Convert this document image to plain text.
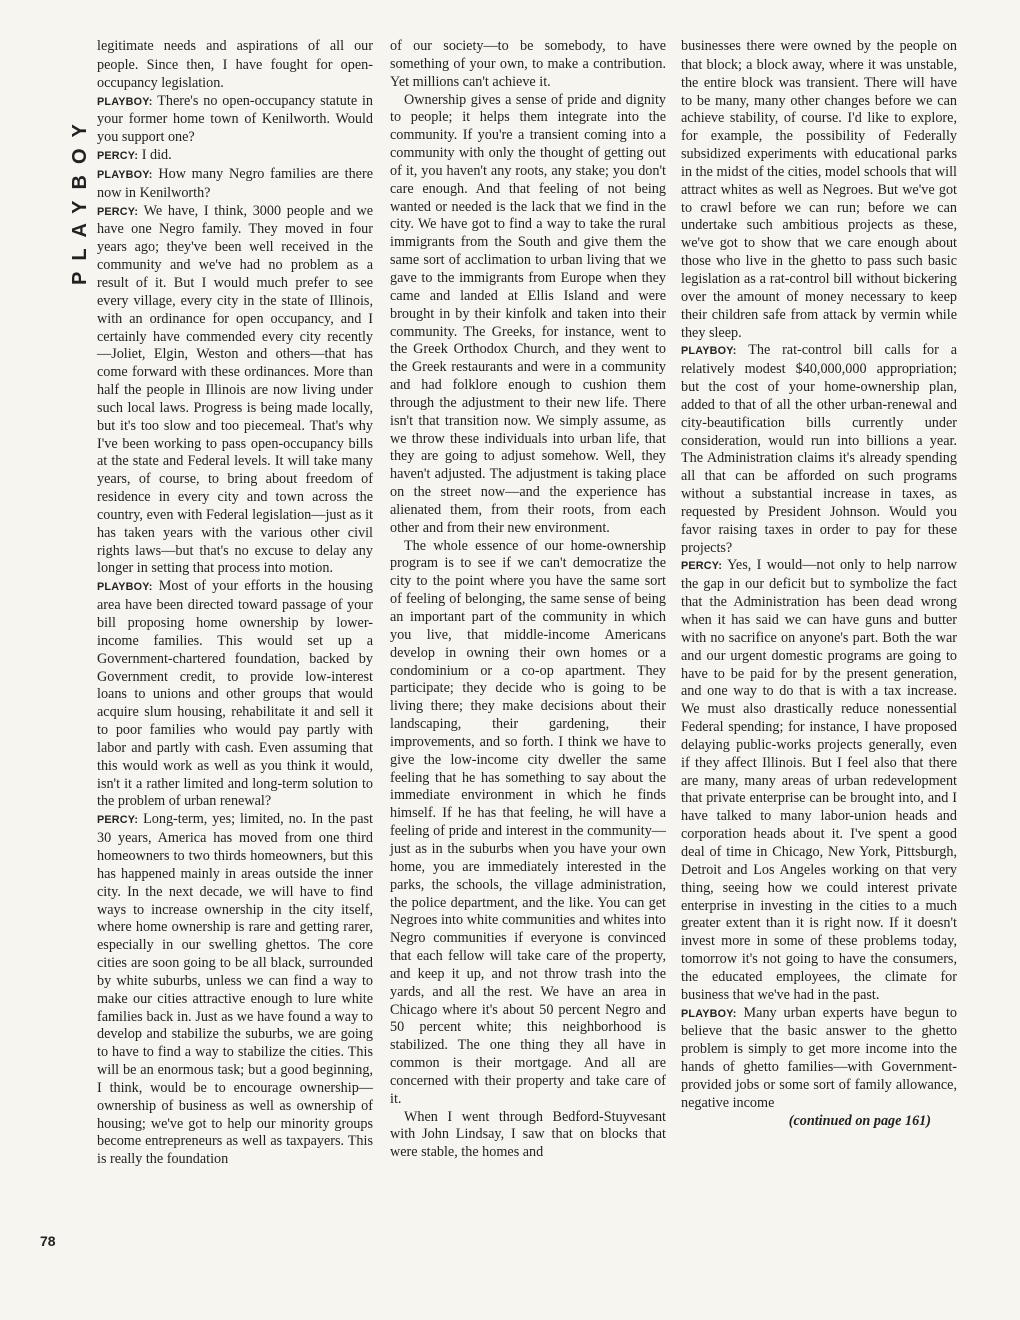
PLAYBOY
78

legitimate needs and aspirations of all our people. Since then, I have fought for open-occupancy legislation.

PLAYBOY: There's no open-occupancy statute in your former home town of Kenilworth. Would you support one?

PERCY: I did.

PLAYBOY: How many Negro families are there now in Kenilworth?

PERCY: We have, I think, 3000 people and we have one Negro family. They moved in four years ago; they've been well received in the community and we've had no problem as a result of it. But I would much prefer to see every village, every city in the state of Illinois, with an ordinance for open occupancy, and I certainly have commended every city recently—Joliet, Elgin, Weston and others—that has come forward with these ordinances. More than half the people in Illinois are now living under such local laws. Progress is being made locally, but it's too slow and too piecemeal. That's why I've been working to pass open-occupancy bills at the state and Federal levels. It will take many years, of course, to bring about freedom of residence in every city and town across the country, even with Federal legislation—just as it has taken years with the various other civil rights laws—but that's no excuse to delay any longer in setting that process into motion.

PLAYBOY: Most of your efforts in the housing area have been directed toward passage of your bill proposing home ownership by lower-income families. This would set up a Government-chartered foundation, backed by Government credit, to provide low-interest loans to unions and other groups that would acquire slum housing, rehabilitate it and sell it to poor families who would pay partly with labor and partly with cash. Even assuming that this would work as well as you think it would, isn't it a rather limited and long-term solution to the problem of urban renewal?

PERCY: Long-term, yes; limited, no. In the past 30 years, America has moved from one third homeowners to two thirds homeowners, but this has happened mainly in areas outside the inner city. In the next decade, we will have to find ways to increase ownership in the city itself, where home ownership is rare and getting rarer, especially in our swelling ghettos. The core cities are soon going to be all black, surrounded by white suburbs, unless we can find a way to make our cities attractive enough to lure white families back in. Just as we have found a way to develop and stabilize the suburbs, we are going to have to find a way to stabilize the cities. This will be an enormous task; but a good beginning, I think, would be to encourage ownership—ownership of business as well as ownership of housing; we've got to help our minority groups become entrepreneurs as well as taxpayers. This is really the foundation

of our society—to be somebody, to have something of your own, to make a contribution. Yet millions can't achieve it.

Ownership gives a sense of pride and dignity to people; it helps them integrate into the community. If you're a transient coming into a community with only the thought of getting out of it, you haven't any roots, any stake; you don't care enough. And that feeling of not being wanted or needed is the lack that we find in the city. We have got to find a way to take the rural immigrants from the South and give them the same sort of acclimation to urban living that we gave to the immigrants from Europe when they came and landed at Ellis Island and were brought in by their kinfolk and taken into their community. The Greeks, for instance, went to the Greek Orthodox Church, and they went to the Greek restaurants and were in a community and had folklore enough to cushion them through the adjustment to their new life. There isn't that transition now. We simply assume, as we throw these individuals into urban life, that they are going to adjust somehow. Well, they haven't adjusted. The adjustment is taking place on the street now—and the experience has alienated them, from their roots, from each other and from their new environment.

The whole essence of our home-ownership program is to see if we can't democratize the city to the point where you have the same sort of feeling of belonging, the same sense of being an important part of the community in which you live, that middle-income Americans develop in owning their own homes or a condominium or a co-op apartment. They participate; they decide who is going to be living there; they make decisions about their landscaping, their gardening, their improvements, and so forth. I think we have to give the low-income city dweller the same feeling that he has something to say about the immediate environment in which he finds himself. If he has that feeling, he will have a feeling of pride and interest in the community—just as in the suburbs when you have your own home, you are immediately interested in the parks, the schools, the village administration, the police department, and the like. You can get Negroes into white communities and whites into Negro communities if everyone is convinced that each fellow will take care of the property, and keep it up, and not throw trash into the yards, and all the rest. We have an area in Chicago where it's about 50 percent Negro and 50 percent white; this neighborhood is stabilized. The one thing they all have in common is their mortgage. And all are concerned with their property and take care of it.

When I went through Bedford-Stuyvesant with John Lindsay, I saw that on blocks that were stable, the homes and

businesses there were owned by the people on that block; a block away, where it was unstable, the entire block was transient. There will have to be many, many other changes before we can achieve stability, of course. I'd like to explore, for example, the possibility of Federally subsidized experiments with educational parks in the midst of the cities, model schools that will attract whites as well as Negroes. But we've got to crawl before we can run; before we can undertake such ambitious projects as these, we've got to show that we care enough about those who live in the ghetto to pass such basic legislation as a rat-control bill without bickering over the amount of money necessary to keep their children safe from attack by vermin while they sleep.

PLAYBOY: The rat-control bill calls for a relatively modest $40,000,000 appropriation; but the cost of your home-ownership plan, added to that of all the other urban-renewal and city-beautification bills currently under consideration, would run into billions a year. The Administration claims it's already spending all that can be afforded on such programs without a substantial increase in taxes, as requested by President Johnson. Would you favor raising taxes in order to pay for these projects?

PERCY: Yes, I would—not only to help narrow the gap in our deficit but to symbolize the fact that the Administration has been dead wrong when it has said we can have guns and butter with no sacrifice on anyone's part. Both the war and our urgent domestic programs are going to have to be paid for by the present generation, and one way to do that is with a tax increase. We must also drastically reduce nonessential Federal spending; for instance, I have proposed delaying public-works projects generally, even if they affect Illinois. But I feel also that there are many, many areas of urban redevelopment that private enterprise can be brought into, and I have talked to many labor-union heads and corporation heads about it. I've spent a good deal of time in Chicago, New York, Pittsburgh, Detroit and Los Angeles working on that very thing, seeing how we could interest private enterprise in investing in the cities to a much greater extent than it is right now. If it doesn't invest more in some of these problems today, tomorrow it's not going to have the consumers, the educated employees, the climate for business that we've had in the past.

PLAYBOY: Many urban experts have begun to believe that the basic answer to the ghetto problem is simply to get more income into the hands of ghetto families—with Government-provided jobs or some sort of family allowance, negative income

(continued on page 161)
